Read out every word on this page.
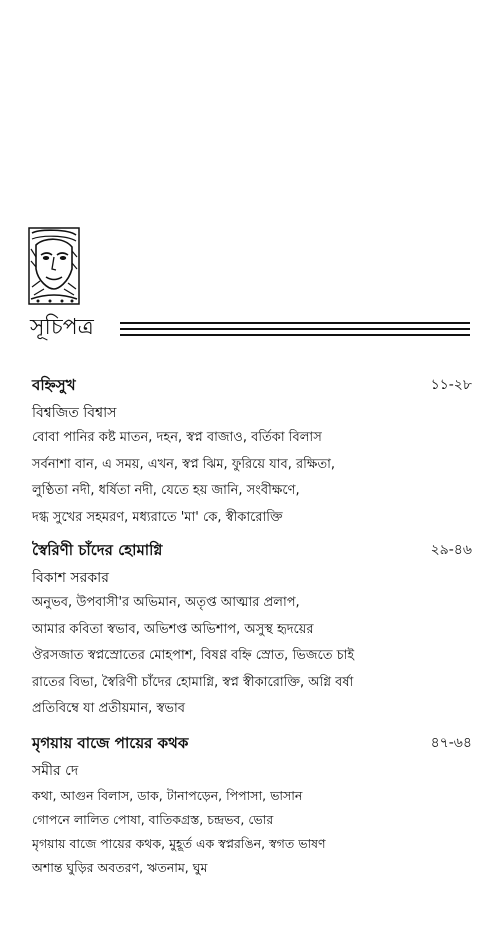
সূচিপত্র
বহ্নিসুখ	১১-২৮
বিশ্বজিত বিশ্বাস
বোবা পানির কষ্ট মাতন, দহন, স্বপ্ন বাজাও, বর্তিকা বিলাস
সর্বনাশা বান, এ সময়, এখন, স্বপ্ন ঝিম, ফুরিয়ে যাব, রক্ষিতা,
লুণ্ঠিতা নদী, ধর্ষিতা নদী, যেতে হয় জানি, সংবীক্ষণে,
দগ্ধ সুখের সহমরণ, মধ্যরাতে 'মা' কে, স্বীকারোক্তি
স্বৈরিণী চাঁদের হোমাগ্নি	২৯-৪৬
বিকাশ সরকার
অনুভব, উপবাসী'র অভিমান, অতৃপ্ত আত্মার প্রলাপ,
আমার কবিতা স্বভাব, অভিশপ্ত অভিশাপ, অসুস্থ হৃদয়ের
ঔরসজাত স্বপ্নস্রোতের মোহপাশ, বিষণ্ণ বহ্নি স্রোত, ভিজতে চাই
রাতের বিভা, স্বৈরিণী চাঁদের হোমাগ্নি, স্বপ্ন স্বীকারোক্তি, অগ্নি বর্ষা
প্রতিবিম্বে যা প্রতীয়মান, স্বভাব
মৃগয়ায় বাজে পায়ের কথক	৪৭-৬৪
সমীর দে
কথা, আগুন বিলাস, ডাক, টানাপড়েন, পিপাসা, ভাসান
গোপনে লালিত পোষা, বাতিকগ্রস্ত, চন্দ্রভব, ভোর
মৃগয়ায় বাজে পায়ের কথক, মুহূর্ত এক স্বপ্নরঙিন, স্বগত ভাষণ
অশান্ত ঘুড়ির অবতরণ, ঋতনাম, ঘুম
